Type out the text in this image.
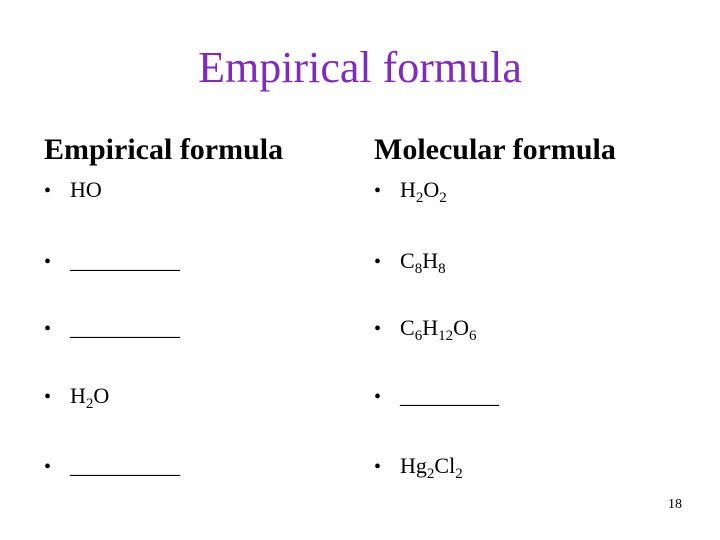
Empirical formula
Empirical formula	Molecular formula
• HO	• $H_2O_2$
• __________	• $C_8H_8$
• __________	• $C_6H_{12}O_6$
• $H_2O$	• _________
• __________	• $Hg_2Cl_2$
18
